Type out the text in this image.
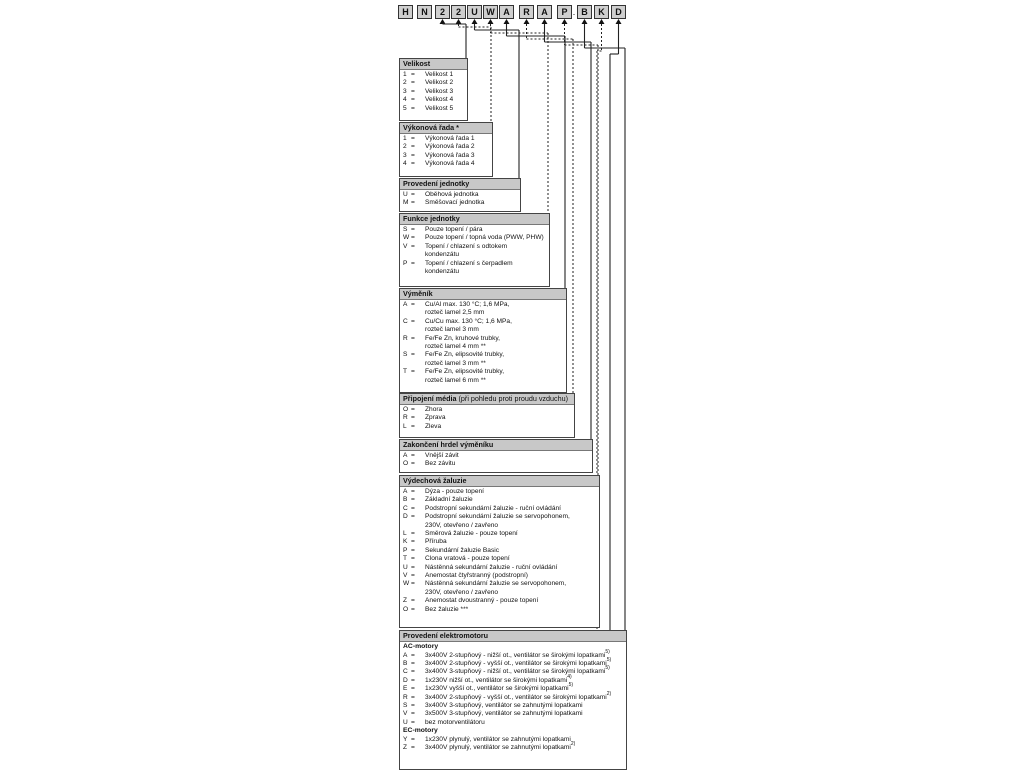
H	N	2	2	U W A	R	A	P . B	K	D
Velikost
1 =	Velikost 1
2 =	Velikost 2
3 =	Velikost 3
4 =	Velikost 4
5 =	Velikost 5
Výkonová řada *
1 =	Výkonová řada 1
2 =	Výkonová řada 2
3 =	Výkonová řada 3
4 =	Výkonová řada 4
Provedení jednotky
U =	Oběhová jednotka
M =	Směšovací jednotka
Funkce jednotky
S =	Pouze topení / pára
W =	Pouze topení / topná voda (PWW, PHW)
V =	Topení / chlazení s odtokem
kondenzátu
P =	Topení / chlazení s čerpadlem
kondenzátu
Výměník
A =	Cu/Al max. 130 °C; 1,6 MPa,
rozteč lamel 2,5 mm
C =	Cu/Cu max. 130 °C; 1,6 MPa,
rozteč lamel 3 mm
R =	Fe/Fe Zn, kruhové trubky,
rozteč lamel 4 mm **
S =	Fe/Fe Zn, elipsovité trubky,
rozteč lamel 3 mm **
T =	Fe/Fe Zn, elipsovité trubky,
rozteč lamel 6 mm **
Připojení média (při pohledu proti proudu vzduchu)
O =	Zhora
R =	Zprava
L =	Zleva
Zakončení hrdel výměníku
A =	Vnější závit
O =	Bez závitu
Výdechová žaluzie
A =	Dýza - pouze topení
B =	Základní žaluzie
C =	Podstropní sekundární žaluzie - ruční ovládání
D =	Podstropní sekundární žaluzie se servopohonem,
230V, otevřeno / zavřeno
L =	Směrová žaluzie - pouze topení
K =	Příruba
P =	Sekundární žaluzie Basic
T =	Clona vratová - pouze topení
U =	Nástěnná sekundární žaluzie - ruční ovládání
V =	Anemostat čtyřstranný (podstropní)
W =	Nástěnná sekundární žaluzie se servopohonem,
230V, otevřeno / zavřeno
Z =	Anemostat dvoustranný - pouze topení
O =	Bez žaluzie ***
Provedení elektromotoru
AC-motory
A =	3x400V 2-stupňový - nižší ot., ventilátor se širokými lopatkami 5)
B =	3x400V 2-stupňový - vyšší ot., ventilátor se širokými lopatkami 5)
C =	3x400V 3-stupňový - nižší ot., ventilátor se širokými lopatkami 5)
D =	1x230V nižší ot., ventilátor se širokými lopatkami 4)
E =	1x230V vyšší ot., ventilátor se širokými lopatkami 5)
R =	3x400V 2-stupňový - vyšší ot., ventilátor se širokými lopatkami 2)
S =	3x400V 3-stupňový, ventilátor se zahnutými lopatkami
V =	3x500V 3-stupňový, ventilátor se zahnutými lopatkami
U =	bez motorventilátoru
EC-motory
Y =	1x230V plynulý, ventilátor se zahnutými lopatkami
Z =	3x400V plynulý, ventilátor se zahnutými lopatkami 2)
